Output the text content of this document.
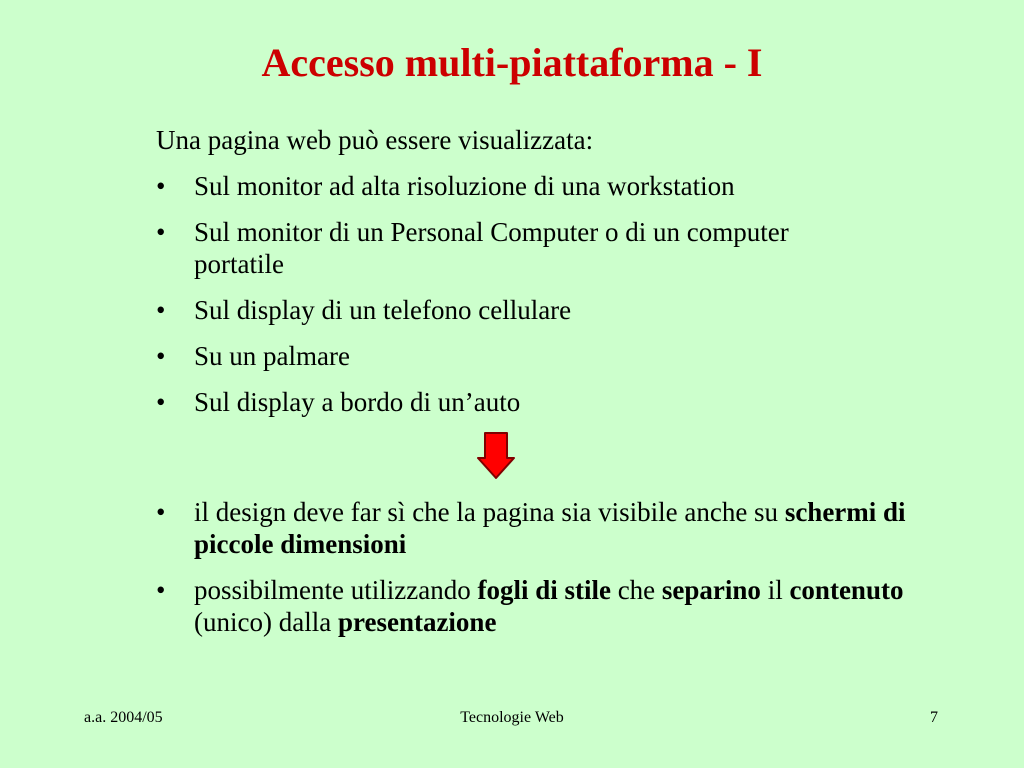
Accesso multi-piattaforma - I

Una pagina web può essere visualizzata:

• Sul monitor ad alta risoluzione di una workstation
• Sul monitor di un Personal Computer o di un computer portatile
• Sul display di un telefono cellulare
• Su un palmare
• Sul display a bordo di un’auto
• il design deve far sì che la pagina sia visibile anche su schermi di piccole dimensioni
• possibilmente utilizzando fogli di stile che separino il contenuto (unico) dalla presentazione
a.a. 2004/05	Tecnologie Web	7
